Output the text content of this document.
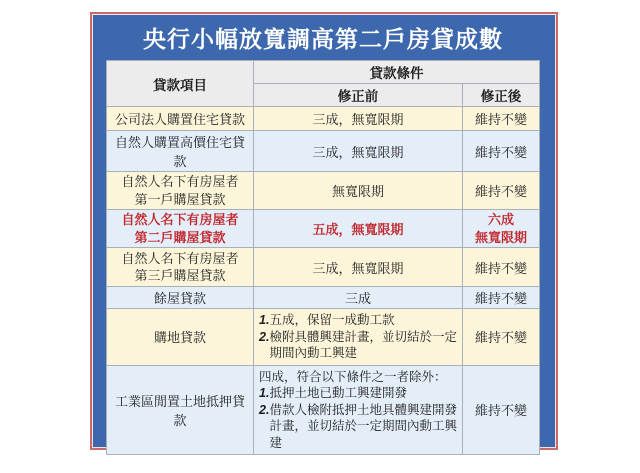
央行小幅放寬調高第二戶房貸成數
貸款項目	貸款條件	
	修正前	修正後
公司法人購置住宅貸款	三成，無寬限期	維持不變
自然人購置高價住宅貸款	三成，無寬限期	維持不變

自然人名下有房屋者
第一戶購屋貸款	無寬限期	維持不變

自然人名下有房屋者
第二戶購屋貸款	五成，無寬限期	六成
無寬限期

自然人名下有房屋者
第三戶購屋貸款	三成，無寬限期	維持不變
餘屋貸款	三成	維持不變
購地貸款	1. 五成，保留一成動工款
2. 檢附具體興建計畫，並切結於一定期間內動工興建	維持不變
工業區閒置土地抵押貸款	四成，符合以下條件之一者除外：
1. 抵押土地已動工興建開發
2. 借款人檢附抵押土地具體興建開發計畫，並切結於一定期間內動工興建	維持不變
資料來源：中央銀行	製表：巫其倫、陳美君
